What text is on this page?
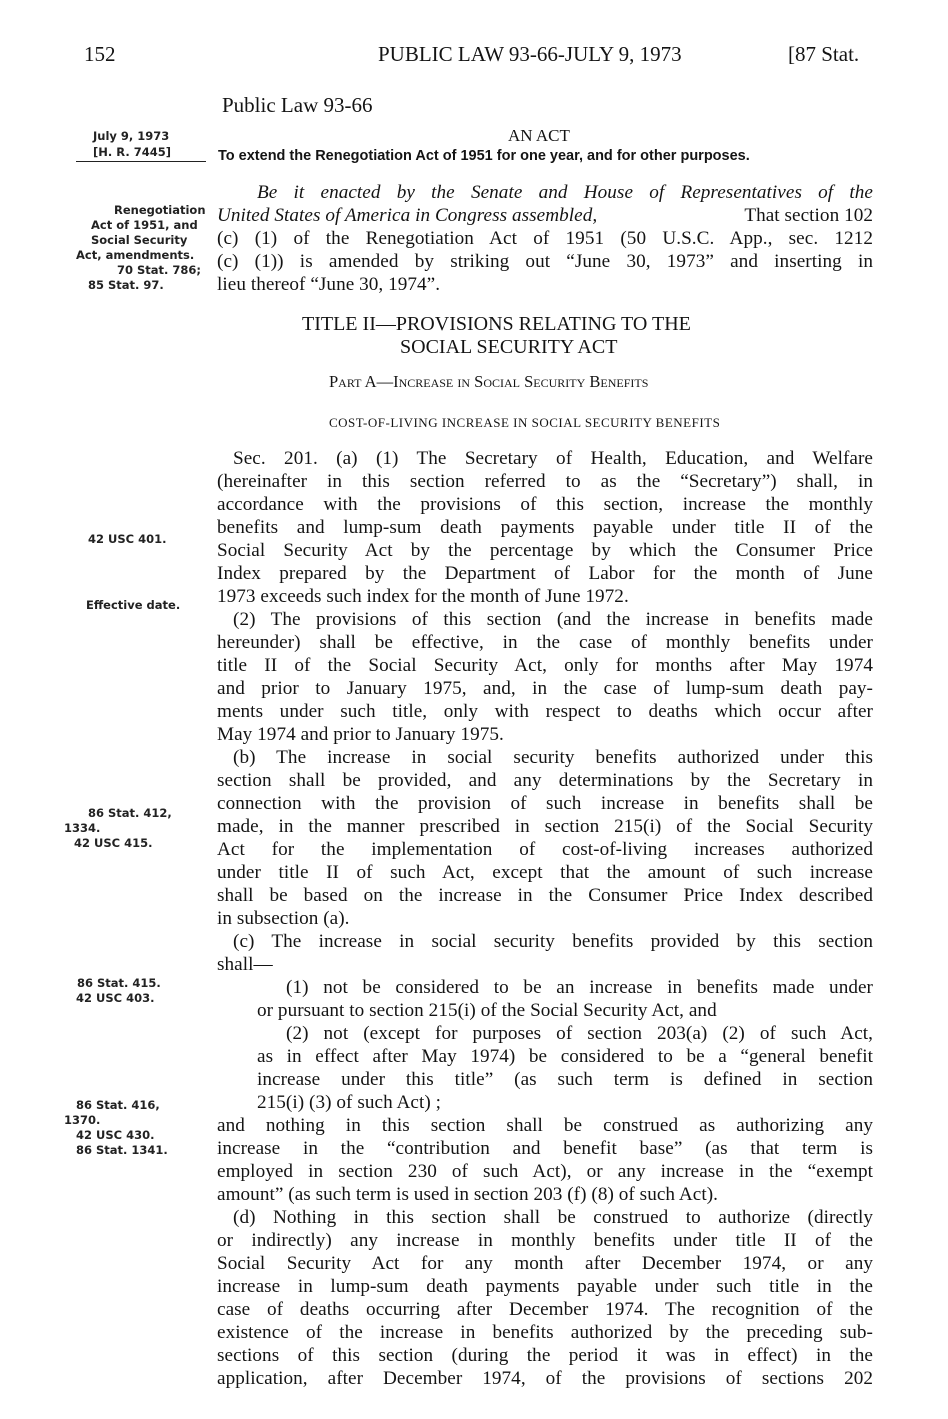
152	PUBLIC LAW 93-66-JULY 9, 1973	[87 Stat.
Public Law 93-66
July 9, 1973
[H. R. 7445]
AN ACT
To extend the Renegotiation Act of 1951 for one year, and for other purposes.
Renegotiation
Act of 1951, and
Social Security
Act, amendments.
70 Stat. 786;
85 Stat. 97.
Be it enacted by the Senate and House of Representatives of the
United States of America in Congress assembled,	That section 102
(c) (1) of the Renegotiation Act of 1951 (50 U.S.C. App., sec. 1212
(c) (1)) is amended by striking out “June 30, 1973” and inserting in
lieu thereof “June 30, 1974”.
TITLE II—PROVISIONS RELATING TO THE
SOCIAL SECURITY ACT
Part A—Increase in Social Security Benefits
COST-OF-LIVING INCREASE IN SOCIAL SECURITY BENEFITS
42 USC 401.
Effective date.
86 Stat. 412,
1334.
42 USC 415.
86 Stat. 415.
42 USC 403.
86 Stat. 416,
1370.
42 USC 430.
86 Stat. 1341.
Sec. 201. (a) (1) The Secretary of Health, Education, and Welfare
(hereinafter in this section referred to as the “Secretary”) shall, in
accordance with the provisions of this section, increase the monthly
benefits and lump-sum death payments payable under title II of the
Social Security Act by the percentage by which the Consumer Price
Index prepared by the Department of Labor for the month of June
1973 exceeds such index for the month of June 1972.
(2) The provisions of this section (and the increase in benefits made
hereunder) shall be effective, in the case of monthly benefits under
title II of the Social Security Act, only for months after May 1974
and prior to January 1975, and, in the case of lump-sum death pay-
ments under such title, only with respect to deaths which occur after
May 1974 and prior to January 1975.
(b) The increase in social security benefits authorized under this
section shall be provided, and any determinations by the Secretary in
connection with the provision of such increase in benefits shall be
made, in the manner prescribed in section 215(i) of the Social Security
Act for the implementation of cost-of-living increases authorized
under title II of such Act, except that the amount of such increase
shall be based on the increase in the Consumer Price Index described
in subsection (a).
(c) The increase in social security benefits provided by this section
shall—
(1) not be considered to be an increase in benefits made under
or pursuant to section 215(i) of the Social Security Act, and
(2) not (except for purposes of section 203(a) (2) of such Act,
as in effect after May 1974) be considered to be a “general benefit
increase under this title” (as such term is defined in section
215(i) (3) of such Act) ;
and nothing in this section shall be construed as authorizing any
increase in the “contribution and benefit base” (as that term is
employed in section 230 of such Act), or any increase in the “exempt
amount” (as such term is used in section 203 (f) (8) of such Act).
(d) Nothing in this section shall be construed to authorize (directly
or indirectly) any increase in monthly benefits under title II of the
Social Security Act for any month after December 1974, or any
increase in lump-sum death payments payable under such title in the
case of deaths occurring after December 1974. The recognition of the
existence of the increase in benefits authorized by the preceding sub-
sections of this section (during the period it was in effect) in the
application, after December 1974, of the provisions of sections 202
